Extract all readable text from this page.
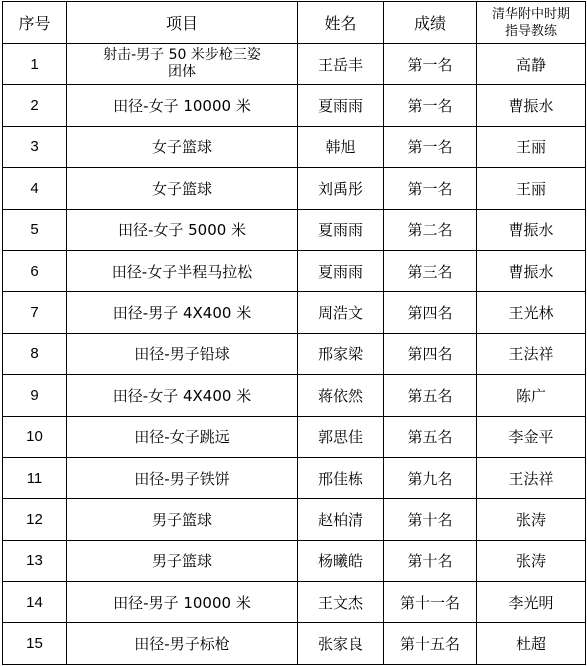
序号	项目	姓名	成绩	清华附中时期
指导教练
1	射击-男子 50 米步枪三姿
团体	王岳丰	第一名	高静
2	田径-女子 10000 米	夏雨雨	第一名	曹振水
3	女子篮球	韩旭	第一名	王丽
4	女子篮球	刘禹彤	第一名	王丽
5	田径-女子 5000 米	夏雨雨	第二名	曹振水
6	田径-女子半程马拉松	夏雨雨	第三名	曹振水
7	田径-男子 4X400 米	周浩文	第四名	王光林
8	田径-男子铅球	邢家梁	第四名	王法祥
9	田径-女子 4X400 米	蒋依然	第五名	陈广
10	田径-女子跳远	郭思佳	第五名	李金平
11	田径-男子铁饼	邢佳栋	第九名	王法祥
12	男子篮球	赵柏清	第十名	张涛
13	男子篮球	杨曦皓	第十名	张涛
14	田径-男子 10000 米	王文杰	第十一名	李光明
15	田径-男子标枪	张家良	第十五名	杜超
